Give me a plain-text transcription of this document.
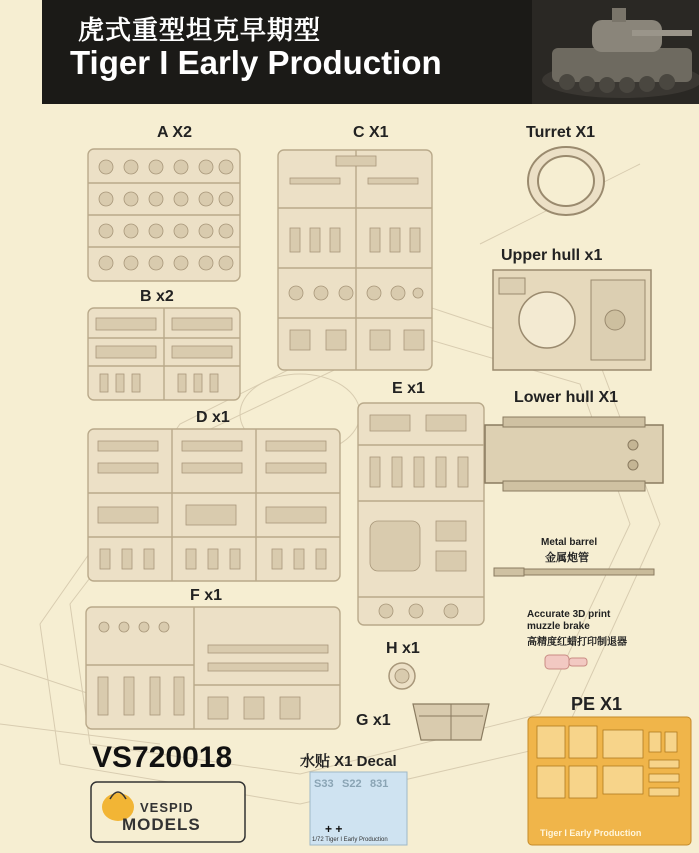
虎式重型坦克早期型
Tiger I Early Production
A X2	C X1
B x2
D x1
E x1
F x1
H x1
G x1
Turret X1
Upper hull x1
Lower hull X1
Metal barrel
金属炮管
Accurate 3D print
muzzle brake
高精度红蜡打印制退器
PE X1
Tiger I Early Production
水贴 X1 Decal
+ +
S33 S22 831
1/72 Tiger I Early Production
VS720018
VESPID
MODELS
